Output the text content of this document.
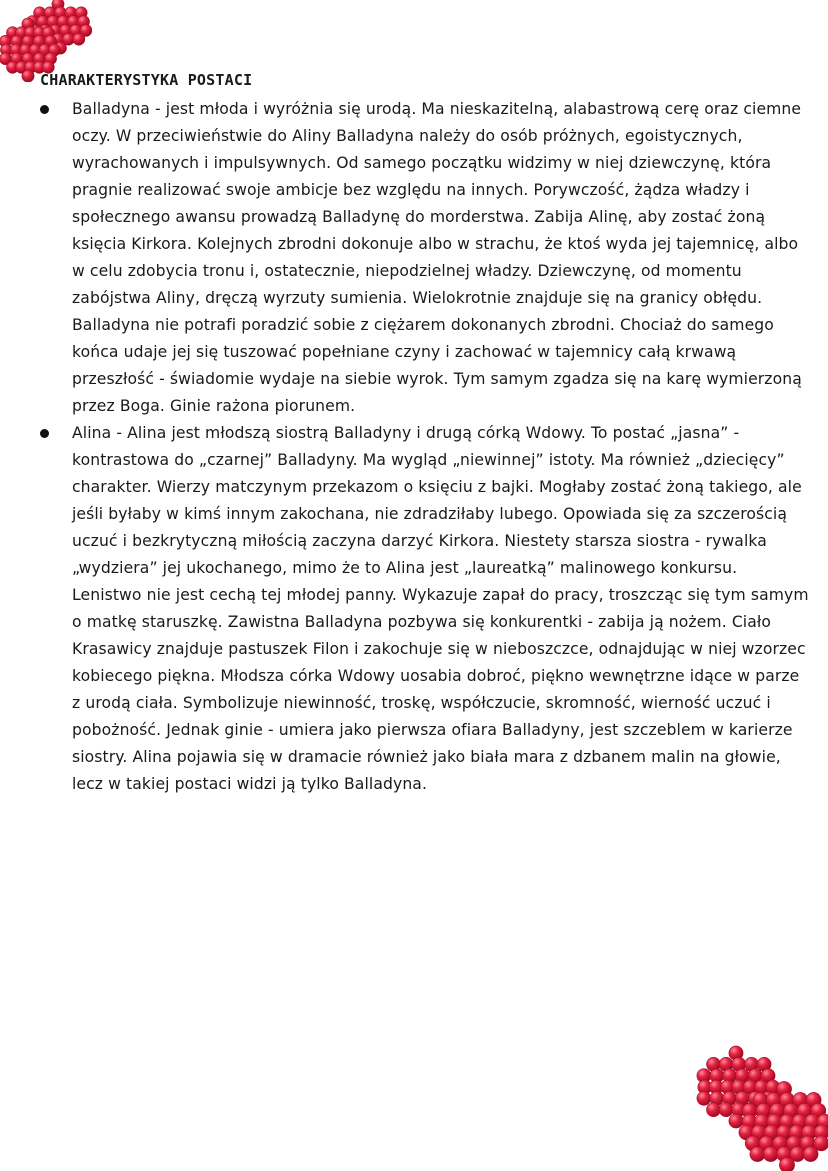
CHARAKTERYSTYKA POSTACI
Balladyna - jest młoda i wyróżnia się urodą. Ma nieskazitelną, alabastrową cerę oraz ciemne oczy. W przeciwieństwie do Aliny Balladyna należy do osób próżnych, egoistycznych, wyrachowanych i impulsywnych. Od samego początku widzimy w niej dziewczynę, która pragnie realizować swoje ambicje bez względu na innych. Porywczość, żądza władzy i społecznego awansu prowadzą Balladynę do morderstwa. Zabija Alinę, aby zostać żoną księcia Kirkora. Kolejnych zbrodni dokonuje albo w strachu, że ktoś wyda jej tajemnicę, albo w celu zdobycia tronu i, ostatecznie, niepodzielnej władzy. Dziewczynę, od momentu zabójstwa Aliny, dręczą wyrzuty sumienia. Wielokrotnie znajduje się na granicy obłędu. Balladyna nie potrafi poradzić sobie z ciężarem dokonanych zbrodni. Chociaż do samego końca udaje jej się tuszować popełniane czyny i zachować w tajemnicy całą krwawą przeszłość - świadomie wydaje na siebie wyrok. Tym samym zgadza się na karę wymierzoną przez Boga. Ginie rażona piorunem.
Alina - Alina jest młodszą siostrą Balladyny i drugą córką Wdowy. To postać „jasna” - kontrastowa do „czarnej” Balladyny. Ma wygląd „niewinnej” istoty. Ma również „dziecięcy” charakter. Wierzy matczynym przekazom o księciu z bajki. Mogłaby zostać żoną takiego, ale jeśli byłaby w kimś innym zakochana, nie zdradziłaby lubego. Opowiada się za szczerością uczuć i bezkrytyczną miłością zaczyna darzyć Kirkora. Niestety starsza siostra - rywalka „wydziera” jej ukochanego, mimo że to Alina jest „laureatką” malinowego konkursu. Lenistwo nie jest cechą tej młodej panny. Wykazuje zapał do pracy, troszcząc się tym samym o matkę staruszkę. Zawistna Balladyna pozbywa się konkurentki - zabija ją nożem. Ciało Krasawicy znajduje pastuszek Filon i zakochuje się w nieboszczce, odnajdując w niej wzorzec kobiecego piękna. Młodsza córka Wdowy uosabia dobroć, piękno wewnętrzne idące w parze z urodą ciała. Symbolizuje niewinność, troskę, współczucie, skromność, wierność uczuć i pobożność. Jednak ginie - umiera jako pierwsza ofiara Balladyny, jest szczeblem w karierze siostry. Alina pojawia się w dramacie również jako biała mara z dzbanem malin na głowie, lecz w takiej postaci widzi ją tylko Balladyna.
